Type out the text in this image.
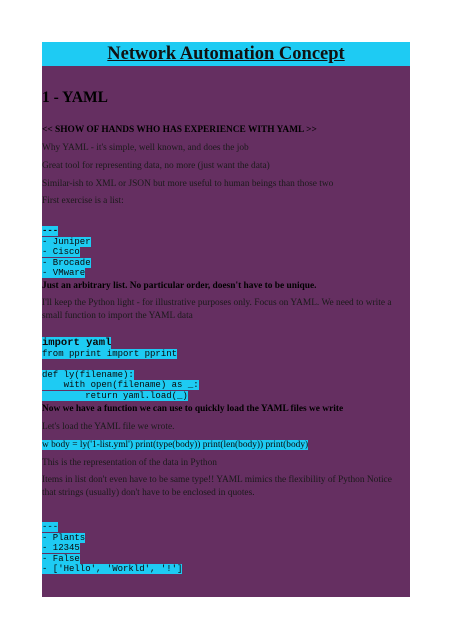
Network Automation Concept
1 - YAML
<< SHOW OF HANDS WHO HAS EXPERIENCE WITH YAML >>
Why YAML - it's simple, well known, and does the job
Great tool for representing data, no more (just want the data)
Similar-ish to XML or JSON but more useful to human beings than those two
First exercise is a list:
---
- Juniper
- Cisco
- Brocade
- VMware
Just an arbitrary list. No particular order, doesn't have to be unique.
I'll keep the Python light - for illustrative purposes only. Focus on YAML. We need to write a small function to import the YAML data
import yaml
from pprint import pprint
def ly(filename):
with open(filename) as _:
return yaml.load(_)
Now we have a function we can use to quickly load the YAML files we write
Let's load the YAML file we wrote.
w body = ly('1-list.yml') print(type(body)) print(len(body)) print(body)
This is the representation of the data in Python
Items in list don't even have to be same type!! YAML mimics the flexibility of Python Notice that strings (usually) don't have to be enclosed in quotes.
---
- Plants
- 12345
- False
- ['Hello', 'Workld', '!']
